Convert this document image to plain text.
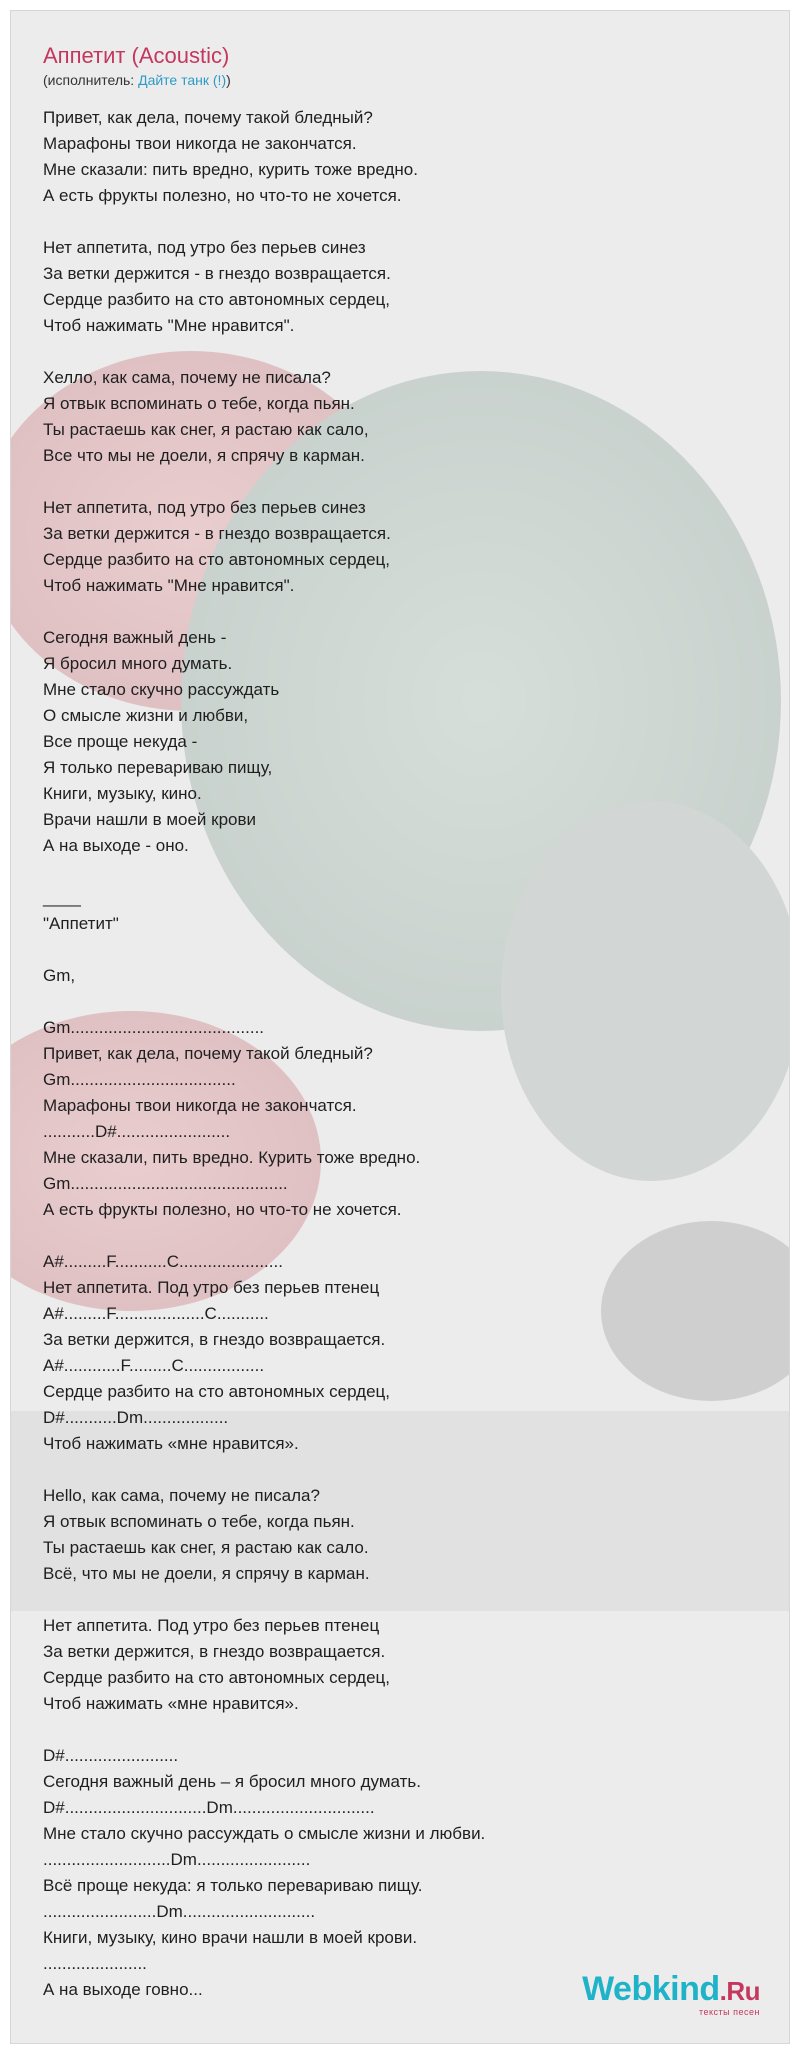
Аппетит (Acoustic)
(исполнитель: Дайте танк (!))
Привет, как дела, почему такой бледный?
Марафоны твои никогда не закончатся.
Мне сказали: пить вредно, курить тоже вредно.
А есть фрукты полезно, но что-то не хочется.

Нет аппетита, под утро без перьев синез
За ветки держится - в гнездо возвращается.
Сердце разбито на сто автономных сердец,
Чтоб нажимать "Мне нравится".

Хелло, как сама, почему не писала?
Я отвык вспоминать о тебе, когда пьян.
Ты растаешь как снег, я растаю как сало,
Все что мы не доели, я спрячу в карман.

Нет аппетита, под утро без перьев синез
За ветки держится - в гнездо возвращается.
Сердце разбито на сто автономных сердец,
Чтоб нажимать "Мне нравится".

Сегодня важный день -
Я бросил много думать.
Мне стало скучно рассуждать
О смысле жизни и любви,
Все проще некуда -
Я только перевариваю пищу,
Книги, музыку, кино.
Врачи нашли в моей крови
А на выходе - оно.

____
"Аппетит"

Gm,

Gm.........................................
Привет, как дела, почему такой бледный?
Gm...................................
Марафоны твои никогда не закончатся.
...........D#........................
Мне сказали, пить вредно. Курить тоже вредно.
Gm..............................................
А есть фрукты полезно, но что-то не хочется.

A#.........F...........C......................
Нет аппетита. Под утро без перьев птенец
A#.........F...................C...........
За ветки держится, в гнездо возвращается.
A#............F.........C.................
Сердце разбито на сто автономных сердец,
D#...........Dm..................
Чтоб нажимать «мне нравится».

Hello, как сама, почему не писала?
Я отвык вспоминать о тебе, когда пьян.
Ты растаешь как снег, я растаю как сало.
Всё, что мы не доели, я спрячу в карман.

Нет аппетита. Под утро без перьев птенец
За ветки держится, в гнездо возвращается.
Сердце разбито на сто автономных сердец,
Чтоб нажимать «мне нравится».

D#........................
Сегодня важный день – я бросил много думать.
D#..............................Dm..............................
Мне стало скучно рассуждать о смысле жизни и любви.
...........................Dm........................
Всё проще некуда: я только перевариваю пищу.
........................Dm............................
Книги, музыку, кино врачи нашли в моей крови.
......................
А на выходе говно...	Webkind.Ru
тексты песен
